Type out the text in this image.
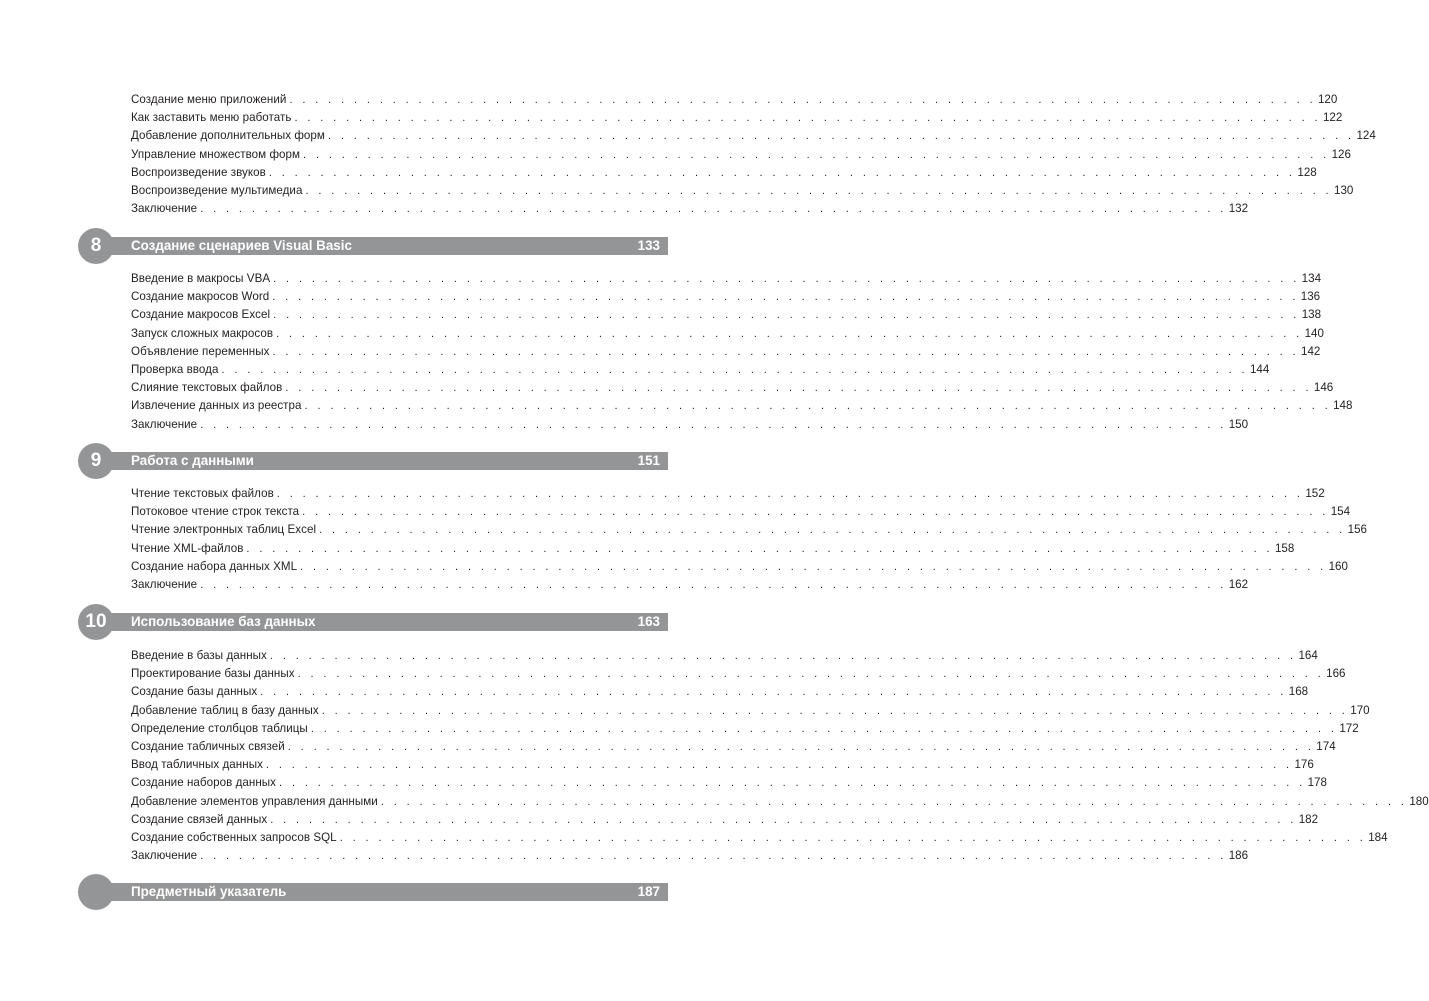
Создание меню приложений . . . . . . . . . . . . . . . . . . . . . . . . . . . . . . . . . . . . . . . . . . . . . . . . . . . . . . . . . . . . . . . . . . . . . . . . . . . . . . . . 120
Как заставить меню работать . . . . . . . . . . . . . . . . . . . . . . . . . . . . . . . . . . . . . . . . . . . . . . . . . . . . . . . . . . . . . . . . . . . . . . . . . . . . . . . . 122
Добавление дополнительных форм . . . . . . . . . . . . . . . . . . . . . . . . . . . . . . . . . . . . . . . . . . . . . . . . . . . . . . . . . . . . . . . . . . . . . . . . . . . . . . . . 124
Управление множеством форм . . . . . . . . . . . . . . . . . . . . . . . . . . . . . . . . . . . . . . . . . . . . . . . . . . . . . . . . . . . . . . . . . . . . . . . . . . . . . . . . 126
Воспроизведение звуков . . . . . . . . . . . . . . . . . . . . . . . . . . . . . . . . . . . . . . . . . . . . . . . . . . . . . . . . . . . . . . . . . . . . . . . . . . . . . . . . 128
Воспроизведение мультимедиа . . . . . . . . . . . . . . . . . . . . . . . . . . . . . . . . . . . . . . . . . . . . . . . . . . . . . . . . . . . . . . . . . . . . . . . . . . . . . . . . 130
Заключение . . . . . . . . . . . . . . . . . . . . . . . . . . . . . . . . . . . . . . . . . . . . . . . . . . . . . . . . . . . . . . . . . . . . . . . . . . . . . . . . 132
8	Создание сценариев Visual Basic	133
Введение в макросы VBA . . . . . . . . . . . . . . . . . . . . . . . . . . . . . . . . . . . . . . . . . . . . . . . . . . . . . . . . . . . . . . . . . . . . . . . . . . . . . . . . 134
Создание макросов Word . . . . . . . . . . . . . . . . . . . . . . . . . . . . . . . . . . . . . . . . . . . . . . . . . . . . . . . . . . . . . . . . . . . . . . . . . . . . . . . . 136
Создание макросов Excel . . . . . . . . . . . . . . . . . . . . . . . . . . . . . . . . . . . . . . . . . . . . . . . . . . . . . . . . . . . . . . . . . . . . . . . . . . . . . . . . 138
Запуск сложных макросов . . . . . . . . . . . . . . . . . . . . . . . . . . . . . . . . . . . . . . . . . . . . . . . . . . . . . . . . . . . . . . . . . . . . . . . . . . . . . . . . 140
Объявление переменных . . . . . . . . . . . . . . . . . . . . . . . . . . . . . . . . . . . . . . . . . . . . . . . . . . . . . . . . . . . . . . . . . . . . . . . . . . . . . . . . 142
Проверка ввода . . . . . . . . . . . . . . . . . . . . . . . . . . . . . . . . . . . . . . . . . . . . . . . . . . . . . . . . . . . . . . . . . . . . . . . . . . . . . . . . 144
Слияние текстовых файлов . . . . . . . . . . . . . . . . . . . . . . . . . . . . . . . . . . . . . . . . . . . . . . . . . . . . . . . . . . . . . . . . . . . . . . . . . . . . . . . . 146
Извлечение данных из реестра . . . . . . . . . . . . . . . . . . . . . . . . . . . . . . . . . . . . . . . . . . . . . . . . . . . . . . . . . . . . . . . . . . . . . . . . . . . . . . . . 148
Заключение . . . . . . . . . . . . . . . . . . . . . . . . . . . . . . . . . . . . . . . . . . . . . . . . . . . . . . . . . . . . . . . . . . . . . . . . . . . . . . . . 150
9	Работа с данными	151
Чтение текстовых файлов . . . . . . . . . . . . . . . . . . . . . . . . . . . . . . . . . . . . . . . . . . . . . . . . . . . . . . . . . . . . . . . . . . . . . . . . . . . . . . . . 152
Потоковое чтение строк текста . . . . . . . . . . . . . . . . . . . . . . . . . . . . . . . . . . . . . . . . . . . . . . . . . . . . . . . . . . . . . . . . . . . . . . . . . . . . . . . . 154
Чтение электронных таблиц Excel . . . . . . . . . . . . . . . . . . . . . . . . . . . . . . . . . . . . . . . . . . . . . . . . . . . . . . . . . . . . . . . . . . . . . . . . . . . . . . . . 156
Чтение XML-файлов . . . . . . . . . . . . . . . . . . . . . . . . . . . . . . . . . . . . . . . . . . . . . . . . . . . . . . . . . . . . . . . . . . . . . . . . . . . . . . . . 158
Создание набора данных XML . . . . . . . . . . . . . . . . . . . . . . . . . . . . . . . . . . . . . . . . . . . . . . . . . . . . . . . . . . . . . . . . . . . . . . . . . . . . . . . . 160
Заключение . . . . . . . . . . . . . . . . . . . . . . . . . . . . . . . . . . . . . . . . . . . . . . . . . . . . . . . . . . . . . . . . . . . . . . . . . . . . . . . . 162
10	Использование баз данных	163
Введение в базы данных . . . . . . . . . . . . . . . . . . . . . . . . . . . . . . . . . . . . . . . . . . . . . . . . . . . . . . . . . . . . . . . . . . . . . . . . . . . . . . . . 164
Проектирование базы данных . . . . . . . . . . . . . . . . . . . . . . . . . . . . . . . . . . . . . . . . . . . . . . . . . . . . . . . . . . . . . . . . . . . . . . . . . . . . . . . . 166
Создание базы данных . . . . . . . . . . . . . . . . . . . . . . . . . . . . . . . . . . . . . . . . . . . . . . . . . . . . . . . . . . . . . . . . . . . . . . . . . . . . . . . . 168
Добавление таблиц в базу данных . . . . . . . . . . . . . . . . . . . . . . . . . . . . . . . . . . . . . . . . . . . . . . . . . . . . . . . . . . . . . . . . . . . . . . . . . . . . . . . . 170
Определение столбцов таблицы . . . . . . . . . . . . . . . . . . . . . . . . . . . . . . . . . . . . . . . . . . . . . . . . . . . . . . . . . . . . . . . . . . . . . . . . . . . . . . . . 172
Создание табличных связей . . . . . . . . . . . . . . . . . . . . . . . . . . . . . . . . . . . . . . . . . . . . . . . . . . . . . . . . . . . . . . . . . . . . . . . . . . . . . . . . 174
Ввод табличных данных . . . . . . . . . . . . . . . . . . . . . . . . . . . . . . . . . . . . . . . . . . . . . . . . . . . . . . . . . . . . . . . . . . . . . . . . . . . . . . . . 176
Создание наборов данных . . . . . . . . . . . . . . . . . . . . . . . . . . . . . . . . . . . . . . . . . . . . . . . . . . . . . . . . . . . . . . . . . . . . . . . . . . . . . . . . 178
Добавление элементов управления данными . . . . . . . . . . . . . . . . . . . . . . . . . . . . . . . . . . . . . . . . . . . . . . . . . . . . . . . . . . . . . . . . . . . . . . . . . . . . . . . . 180
Создание связей данных . . . . . . . . . . . . . . . . . . . . . . . . . . . . . . . . . . . . . . . . . . . . . . . . . . . . . . . . . . . . . . . . . . . . . . . . . . . . . . . . 182
Создание собственных запросов SQL . . . . . . . . . . . . . . . . . . . . . . . . . . . . . . . . . . . . . . . . . . . . . . . . . . . . . . . . . . . . . . . . . . . . . . . . . . . . . . . . 184
Заключение . . . . . . . . . . . . . . . . . . . . . . . . . . . . . . . . . . . . . . . . . . . . . . . . . . . . . . . . . . . . . . . . . . . . . . . . . . . . . . . . 186
Предметный указатель	187
